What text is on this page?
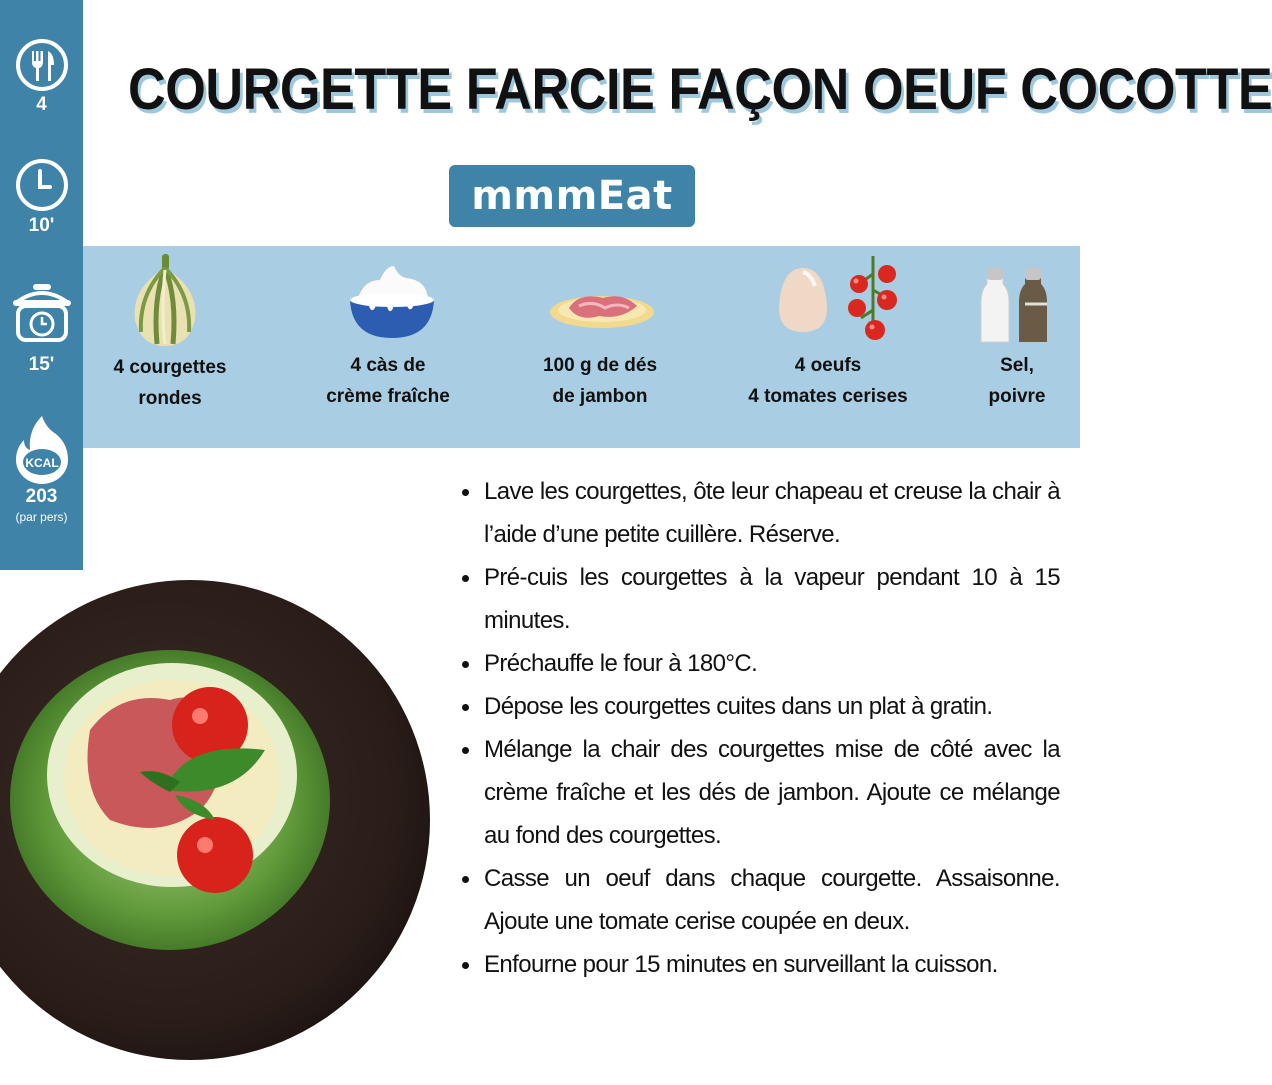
4
10'
15'
KCAL
203
(par pers)
COURGETTE FARCIE FAÇON OEUF COCOTTE
mmmEat
4 courgettes
rondes
4 càs de
crème fraîche
100 g de dés
de jambon
4 oeufs
4 tomates cerises
Sel,
poivre
Lave les courgettes, ôte leur chapeau et creuse la chair à l’aide d’une petite cuillère. Réserve.
Pré-cuis les courgettes à la vapeur pendant 10 à 15 minutes.
Préchauffe le four à 180°C.
Dépose les courgettes cuites dans un plat à gratin.
Mélange la chair des courgettes mise de côté avec la crème fraîche et les dés de jambon. Ajoute ce mélange au fond des courgettes.
Casse un oeuf dans chaque courgette. Assaisonne. Ajoute une tomate cerise coupée en deux.
Enfourne pour 15 minutes en surveillant la cuisson.
